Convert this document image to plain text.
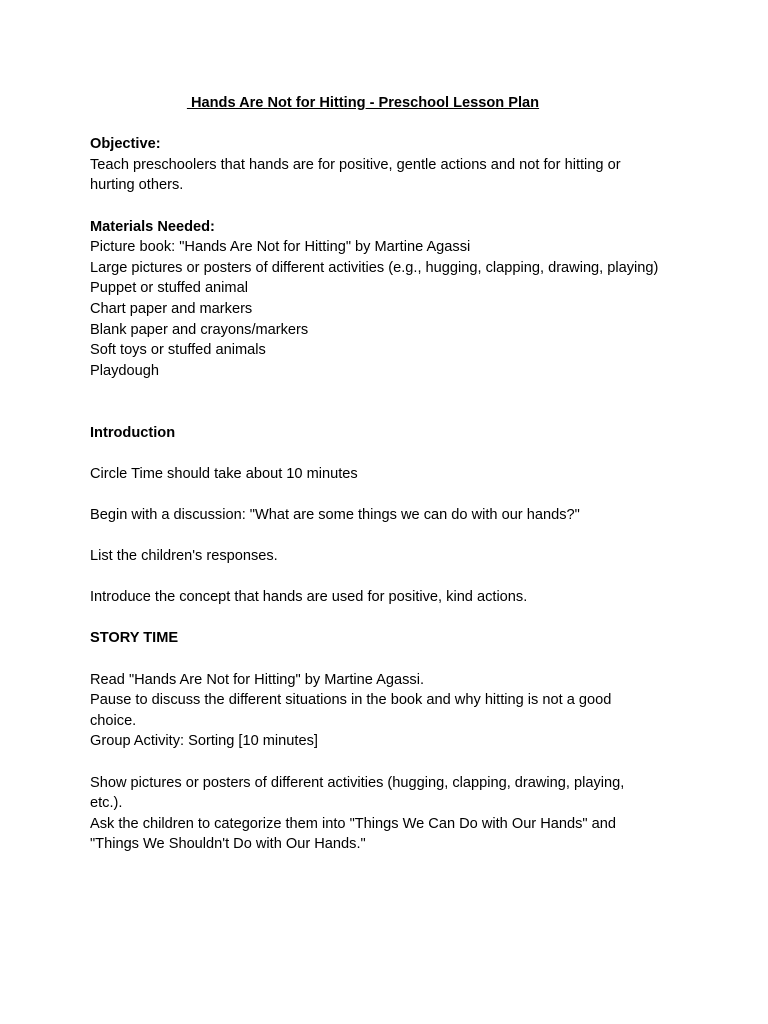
Hands Are Not for Hitting - Preschool Lesson Plan
Objective:
Teach preschoolers that hands are for positive, gentle actions and not for hitting or hurting others.
Materials Needed:
Picture book: "Hands Are Not for Hitting" by Martine Agassi
Large pictures or posters of different activities (e.g., hugging, clapping, drawing, playing)
Puppet or stuffed animal
Chart paper and markers
Blank paper and crayons/markers
Soft toys or stuffed animals
Playdough
Introduction
Circle Time should take about 10 minutes
Begin with a discussion: "What are some things we can do with our hands?"
List the children's responses.
Introduce the concept that hands are used for positive, kind actions.
STORY TIME
Read "Hands Are Not for Hitting" by Martine Agassi.
Pause to discuss the different situations in the book and why hitting is not a good choice.
Group Activity: Sorting [10 minutes]
Show pictures or posters of different activities (hugging, clapping, drawing, playing, etc.).
Ask the children to categorize them into "Things We Can Do with Our Hands" and "Things We Shouldn't Do with Our Hands."
